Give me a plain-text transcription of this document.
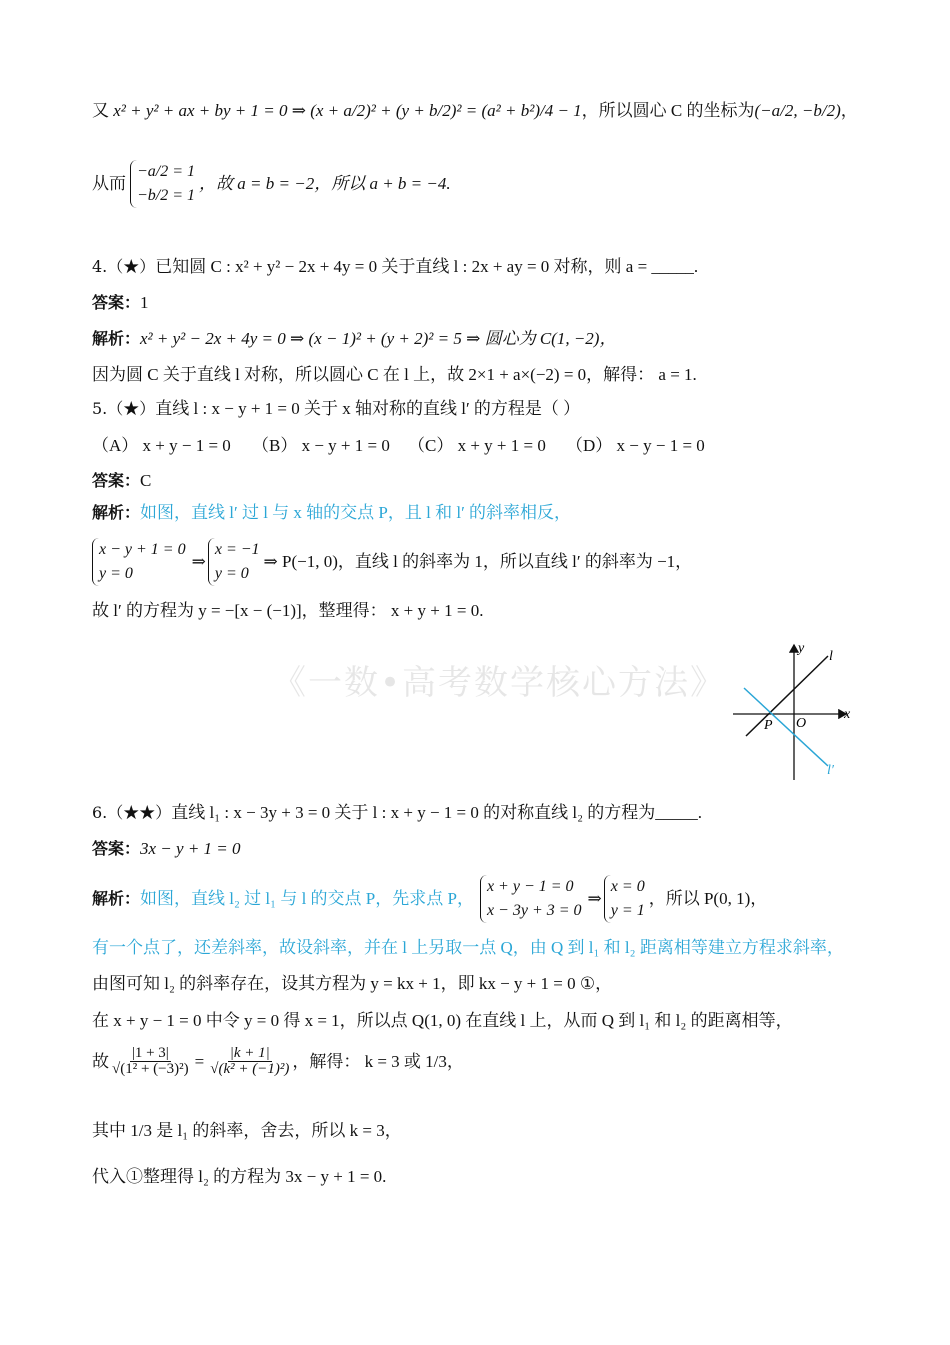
《一数•高考数学核心方法》
又 x² + y² + ax + by + 1 = 0 ⇒ (x + a/2)² + (y + b/2)² = (a² + b²)/4 − 1，所以圆心 C 的坐标为(−a/2, −b/2)，
从而
−a/2 = 1
−b/2 = 1
，故 a = b = −2，所以 a + b = −4.
4.（★）已知圆 C : x² + y² − 2x + 4y = 0 关于直线 l : 2x + ay = 0 对称，则 a = _____.
答案：1
解析：x² + y² − 2x + 4y = 0 ⇒ (x − 1)² + (y + 2)² = 5 ⇒ 圆心为 C(1, −2)，
因为圆 C 关于直线 l 对称，所以圆心 C 在 l 上，故 2×1 + a×(−2) = 0，解得： a = 1.
5.（★）直线 l : x − y + 1 = 0 关于 x 轴对称的直线 l′ 的方程是（ ）
（A） x + y − 1 = 0 （B） x − y + 1 = 0 （C） x + y + 1 = 0 （D） x − y − 1 = 0
答案：C
解析：如图，直线 l′ 过 l 与 x 轴的交点 P，且 l 和 l′ 的斜率相反，
x − y + 1 = 0
y = 0
⇒
x = −1
y = 0
⇒ P(−1, 0)，直线 l 的斜率为 1，所以直线 l′ 的斜率为 −1，
故 l′ 的方程为 y = −[x − (−1)]，整理得： x + y + 1 = 0.
y
x
l
l′
P O
6.（★★）直线 l₁ : x − 3y + 3 = 0 关于 l : x + y − 1 = 0 的对称直线 l₂ 的方程为_____.
答案：3x − y + 1 = 0
解析： 如图，直线 l₂ 过 l₁ 与 l 的交点 P，先求点 P，
x + y − 1 = 0
x − 3y + 3 = 0
⇒
x = 0
y = 1
，所以 P(0, 1)，
有一个点了，还差斜率，故设斜率，并在 l 上另取一点 Q，由 Q 到 l₁ 和 l₂ 距离相等建立方程求斜率，
由图可知 l₂ 的斜率存在，设其方程为 y = kx + 1，即 kx − y + 1 = 0 ①，
在 x + y − 1 = 0 中令 y = 0 得 x = 1，所以点 Q(1, 0) 在直线 l 上，从而 Q 到 l₁ 和 l₂ 的距离相等，
故 $\frac{|1 + 3|}{\text{√(1² + (−3)²)}} = \frac{|k + 1|}{\text{√(k² + (−1)²)}}$ ，解得： k = 3 或 1/3，
其中 1/3 是 l₁ 的斜率，舍去，所以 k = 3，
代入①整理得 l₂ 的方程为 3x − y + 1 = 0.
